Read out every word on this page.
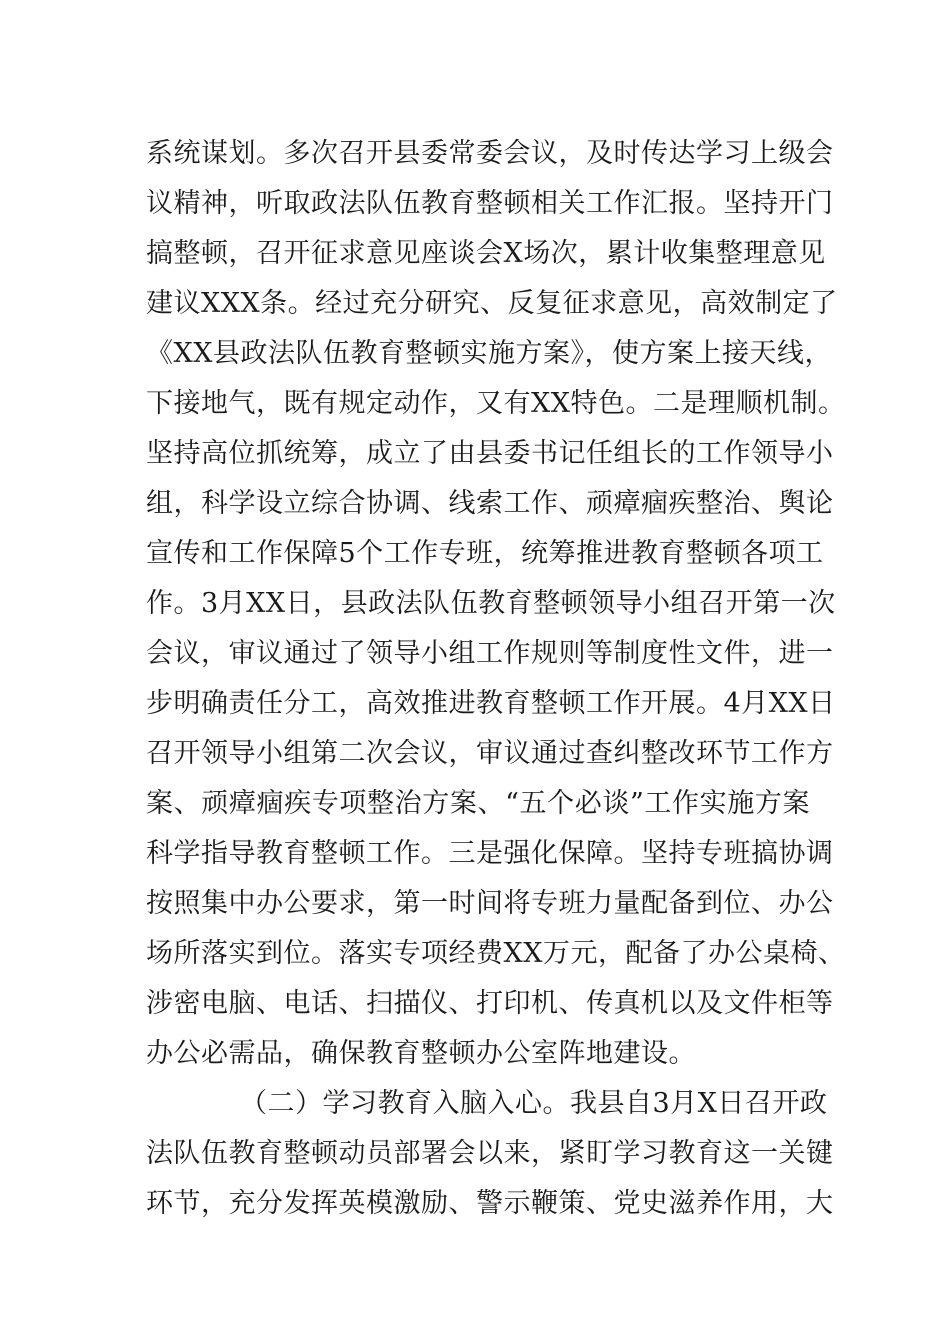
系统谋划。多次召开县委常委会议，及时传达学习上级会
议精神，听取政法队伍教育整顿相关工作汇报。坚持开门
搞整顿，召开征求意见座谈会X场次，累计收集整理意见
建议XXX条。经过充分研究、反复征求意见，高效制定了
《XX县政法队伍教育整顿实施方案》，使方案上接天线，
下接地气，既有规定动作，又有XX特色。二是理顺机制。
坚持高位抓统筹，成立了由县委书记任组长的工作领导小
组，科学设立综合协调、线索工作、顽瘴痼疾整治、舆论
宣传和工作保障5个工作专班，统筹推进教育整顿各项工
作。3月XX日，县政法队伍教育整顿领导小组召开第一次
会议，审议通过了领导小组工作规则等制度性文件，进一
步明确责任分工，高效推进教育整顿工作开展。4月XX日
召开领导小组第二次会议，审议通过查纠整改环节工作方
案、顽瘴痼疾专项整治方案、“五个必谈”工作实施方案
科学指导教育整顿工作。三是强化保障。坚持专班搞协调
按照集中办公要求，第一时间将专班力量配备到位、办公
场所落实到位。落实专项经费XX万元，配备了办公桌椅、
涉密电脑、电话、扫描仪、打印机、传真机以及文件柜等
办公必需品，确保教育整顿办公室阵地建设。
（二）学习教育入脑入心。我县自3月X日召开政
法队伍教育整顿动员部署会以来，紧盯学习教育这一关键
环节，充分发挥英模激励、警示鞭策、党史滋养作用，大
